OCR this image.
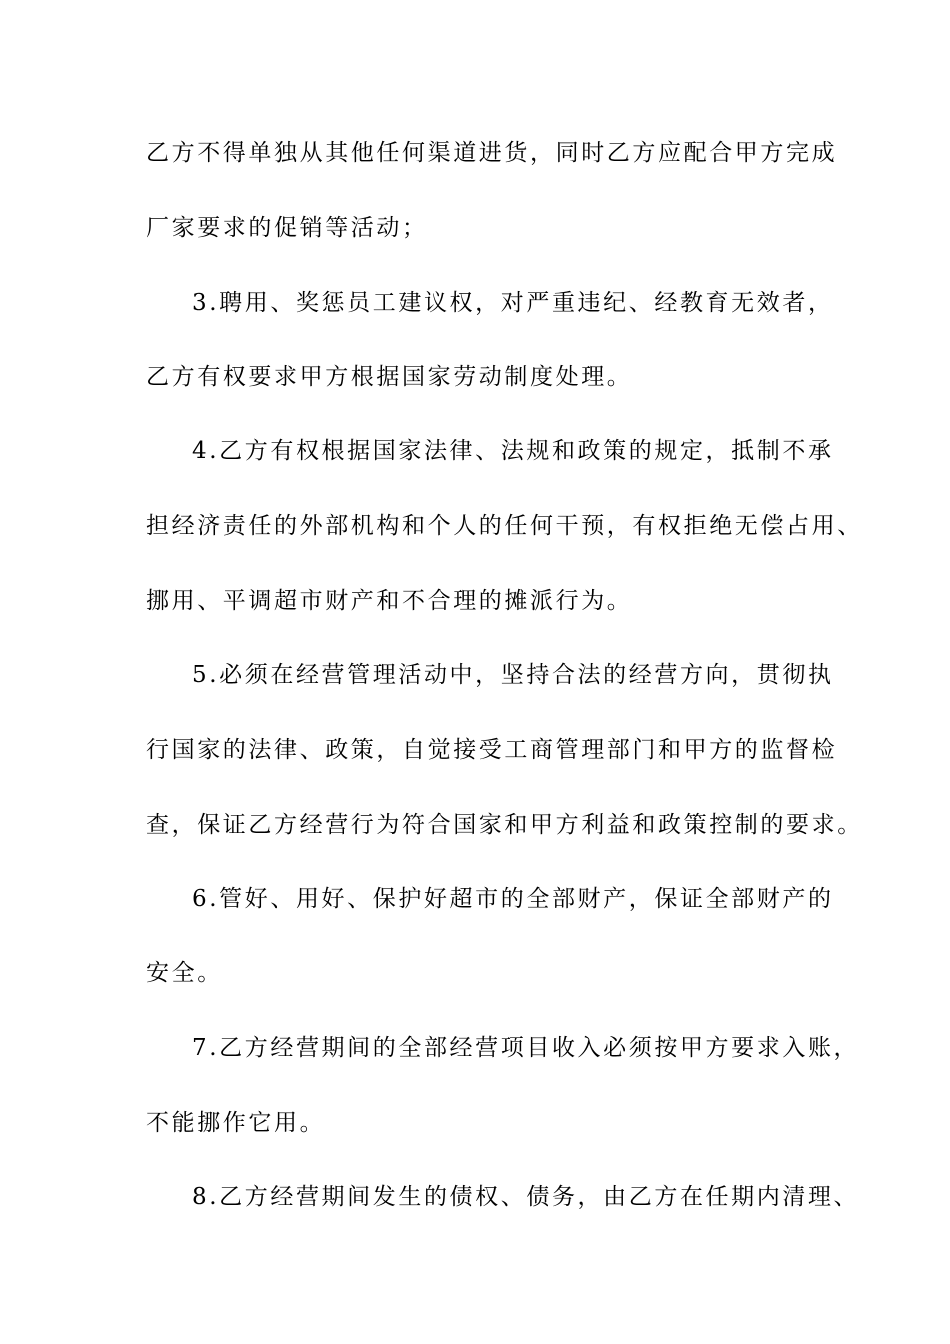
乙方不得单独从其他任何渠道进货，同时乙方应配合甲方完成
厂家要求的促销等活动；
3.聘用、奖惩员工建议权，对严重违纪、经教育无效者，
乙方有权要求甲方根据国家劳动制度处理。
4.乙方有权根据国家法律、法规和政策的规定，抵制不承
担经济责任的外部机构和个人的任何干预，有权拒绝无偿占用、
挪用、平调超市财产和不合理的摊派行为。
5.必须在经营管理活动中，坚持合法的经营方向，贯彻执
行国家的法律、政策，自觉接受工商管理部门和甲方的监督检
查，保证乙方经营行为符合国家和甲方利益和政策控制的要求。
6.管好、用好、保护好超市的全部财产，保证全部财产的
安全。
7.乙方经营期间的全部经营项目收入必须按甲方要求入账，
不能挪作它用。
8.乙方经营期间发生的债权、债务，由乙方在任期内清理、
